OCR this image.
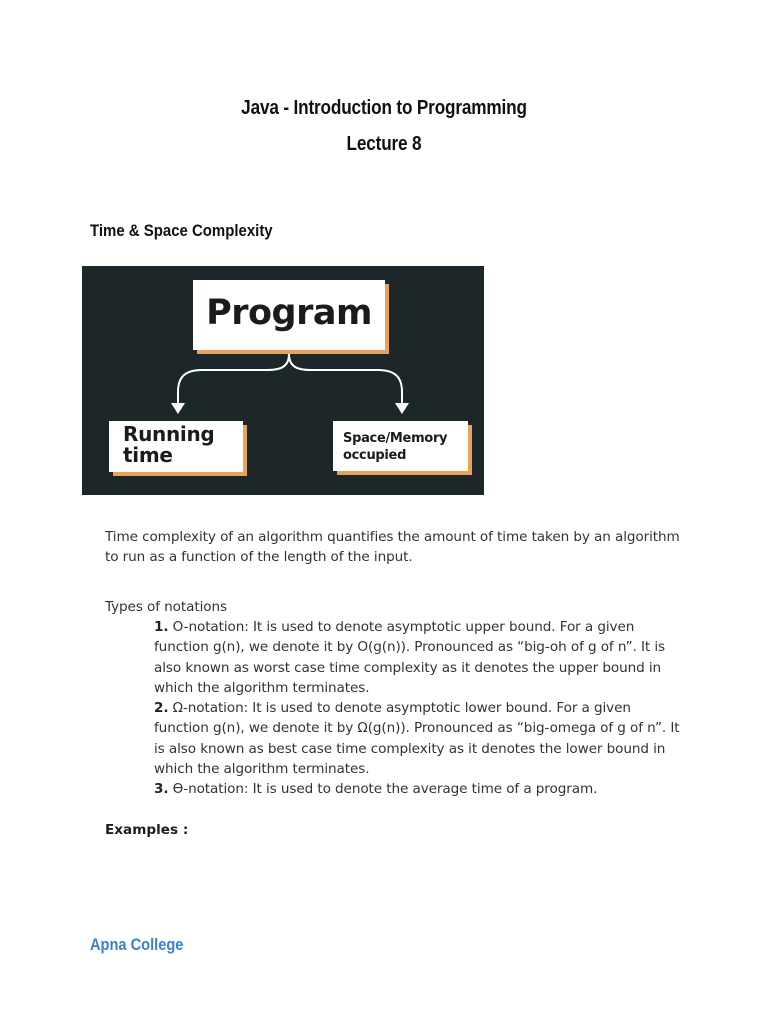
Java - Introduction to Programming
Lecture 8
Time & Space Complexity
Program
Running time
Space/Memory occupied
Time complexity of an algorithm quantifies the amount of time taken by an algorithm to run as a function of the length of the input.
Types of notations
1. O-notation: It is used to denote asymptotic upper bound. For a given function g(n), we denote it by O(g(n)). Pronounced as “big-oh of g of n”. It is also known as worst case time complexity as it denotes the upper bound in which the algorithm terminates.
2. Ω-notation: It is used to denote asymptotic lower bound. For a given function g(n), we denote it by Ω(g(n)). Pronounced as “big-omega of g of n”. It is also known as best case time complexity as it denotes the lower bound in which the algorithm terminates.
3. ϴ-notation: It is used to denote the average time of a program.
Examples :
Apna College
